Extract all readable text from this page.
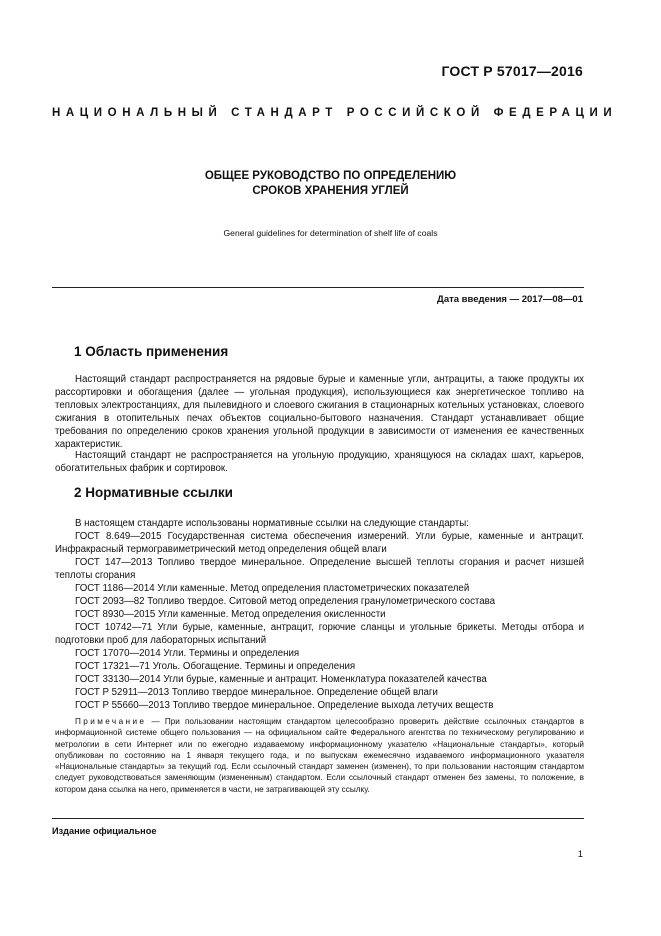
ГОСТ Р 57017—2016
НАЦИОНАЛЬНЫЙ СТАНДАРТ РОССИЙСКОЙ ФЕДЕРАЦИИ
ОБЩЕЕ РУКОВОДСТВО ПО ОПРЕДЕЛЕНИЮ
СРОКОВ ХРАНЕНИЯ УГЛЕЙ
General guidelines for determination of shelf life of coals
Дата введения — 2017—08—01
1 Область применения

Настоящий стандарт распространяется на рядовые бурые и каменные угли, антрациты, а также продукты их рассортировки и обогащения (далее — угольная продукция), использующиеся как энергетическое топливо на тепловых электростанциях, для пылевидного и слоевого сжигания в стационарных котельных установках, слоевого сжигания в отопительных печах объектов социально-бытового назначения. Стандарт устанавливает общие требования по определению сроков хранения угольной продукции в зависимости от изменения ее качественных характеристик.

Настоящий стандарт не распространяется на угольную продукцию, хранящуюся на складах шахт, карьеров, обогатительных фабрик и сортировок.

2 Нормативные ссылки

В настоящем стандарте использованы нормативные ссылки на следующие стандарты:

ГОСТ 8.649—2015 Государственная система обеспечения измерений. Угли бурые, каменные и антрацит. Инфракрасный термогравиметрический метод определения общей влаги

ГОСТ 147—2013 Топливо твердое минеральное. Определение высшей теплоты сгорания и расчет низшей теплоты сгорания

ГОСТ 1186—2014 Угли каменные. Метод определения пластометрических показателей

ГОСТ 2093—82 Топливо твердое. Ситовой метод определения гранулометрического состава

ГОСТ 8930—2015 Угли каменные. Метод определения окисленности

ГОСТ 10742—71 Угли бурые, каменные, антрацит, горючие сланцы и угольные брикеты. Методы отбора и подготовки проб для лабораторных испытаний

ГОСТ 17070—2014 Угли. Термины и определения

ГОСТ 17321—71 Уголь. Обогащение. Термины и определения

ГОСТ 33130—2014 Угли бурые, каменные и антрацит. Номенклатура показателей качества

ГОСТ Р 52911—2013 Топливо твердое минеральное. Определение общей влаги

ГОСТ Р 55660—2013 Топливо твердое минеральное. Определение выхода летучих веществ

Примечание — При пользовании настоящим стандартом целесообразно проверить действие ссылочных стандартов в информационной системе общего пользования — на официальном сайте Федерального агентства по техническому регулированию и метрологии в сети Интернет или по ежегодно издаваемому информационному указателю «Национальные стандарты», который опубликован по состоянию на 1 января текущего года, и по выпускам ежемесячно издаваемого информационного указателя «Национальные стандарты» за текущий год. Если ссылочный стандарт заменен (изменен), то при пользовании настоящим стандартом следует руководствоваться заменяющим (измененным) стандартом. Если ссылочный стандарт отменен без замены, то положение, в котором дана ссылка на него, применяется в части, не затрагивающей эту ссылку.

Издание официальное
1
